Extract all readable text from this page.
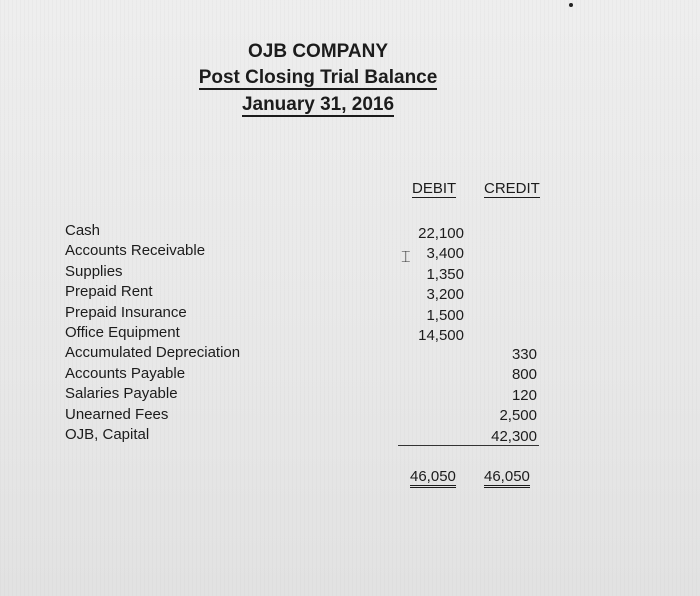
OJB COMPANY
Post Closing Trial Balance
January 31, 2016
DEBIT CREDIT
Cash
Accounts Receivable
Supplies
Prepaid Rent
Prepaid Insurance
Office Equipment
Accumulated Depreciation
Accounts Payable
Salaries Payable
Unearned Fees
OJB, Capital
22,100
3,400
1,350
3,200
1,500
14,500
330
800
120
2,500
42,300
46,050 46,050
⌶
